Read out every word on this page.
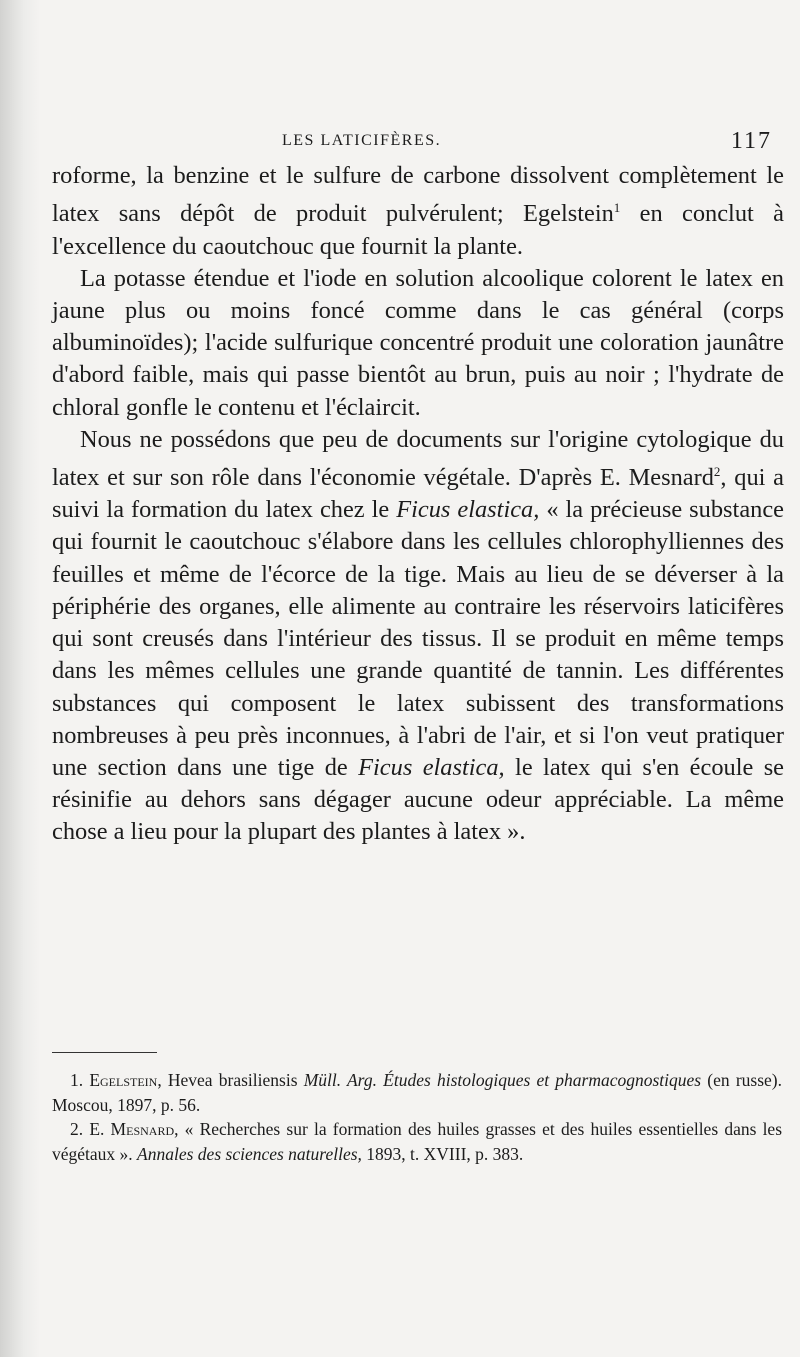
LES LATICIFÈRES.	117

roforme, la benzine et le sulfure de carbone dissolvent complètement le latex sans dépôt de produit pulvérulent; Egelstein$^1$ en conclut à l'excellence du caoutchouc que fournit la plante.

La potasse étendue et l'iode en solution alcoolique colorent le latex en jaune plus ou moins foncé comme dans le cas général (corps albuminoïdes); l'acide sulfurique concentré produit une coloration jaunâtre d'abord faible, mais qui passe bientôt au brun, puis au noir ; l'hydrate de chloral gonfle le contenu et l'éclaircit.

Nous ne possédons que peu de documents sur l'origine cytologique du latex et sur son rôle dans l'économie végétale. D'après E. Mesnard$^2$, qui a suivi la formation du latex chez le Ficus elastica, « la précieuse substance qui fournit le caoutchouc s'élabore dans les cellules chlorophylliennes des feuilles et même de l'écorce de la tige. Mais au lieu de se déverser à la périphérie des organes, elle alimente au contraire les réservoirs laticifères qui sont creusés dans l'intérieur des tissus. Il se produit en même temps dans les mêmes cellules une grande quantité de tannin. Les différentes substances qui composent le latex subissent des transformations nombreuses à peu près inconnues, à l'abri de l'air, et si l'on veut pratiquer une section dans une tige de Ficus elastica, le latex qui s'en écoule se résinifie au dehors sans dégager aucune odeur appréciable. La même chose a lieu pour la plupart des plantes à latex ».

1. Egelstein, Hevea brasiliensis Müll. Arg. Études histologiques et pharmacognostiques (en russe). Moscou, 1897, p. 56.

2. E. Mesnard, « Recherches sur la formation des huiles grasses et des huiles essentielles dans les végétaux ». Annales des sciences naturelles, 1893, t. XVIII, p. 383.
